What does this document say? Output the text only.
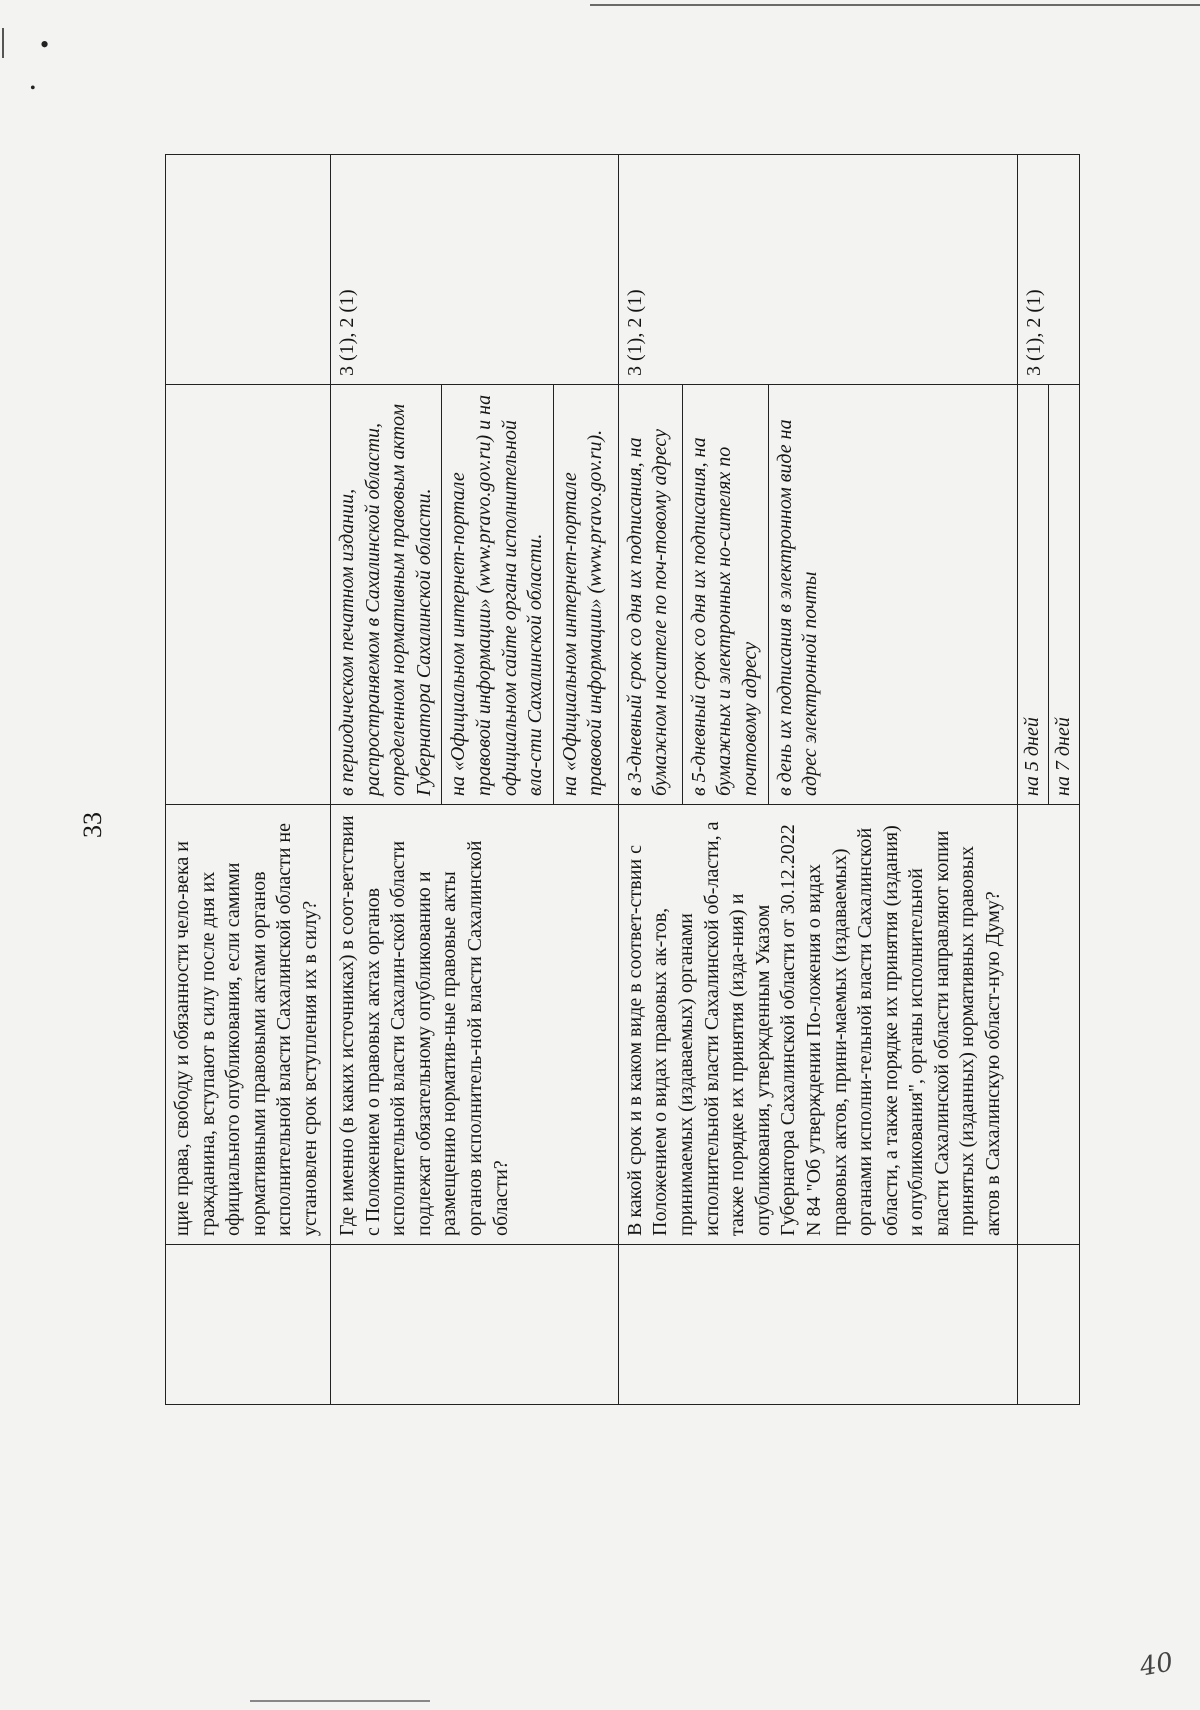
•
•
33
	щие права, свободу и обязанности чело-века и гражданина, вступают в силу после дня их официального опубликования, если самими нормативными правовыми актами органов исполнительной власти Сахалинской области не установлен срок вступления их в силу?		
	Где именно (в каких источниках) в соот-ветствии с Положением о правовых актах органов исполнительной власти Сахалин-ской области подлежат обязательному опубликованию и размещению норматив-ные правовые акты органов исполнитель-ной власти Сахалинской области?	в периодическом печатном издании, распространяемом в Сахалинской области, определенном нормативным правовым актом Губернатора Сахалинской области.	3 (1), 2 (1)
		на «Официальном интернет-портале правовой информации» (www.pravo.gov.ru) и на официальном сайте органа исполнительной вла-сти Сахалинской области.	
		на «Официальном интернет-портале правовой информации» (www.pravo.gov.ru).	
	В какой срок и в каком виде в соответ-ствии с Положением о видах правовых ак-тов, принимаемых (издаваемых) органами исполнительной власти Сахалинской об-ласти, а также порядке их принятия (изда-ния) и опубликования, утвержденным Указом Губернатора Сахалинской области от 30.12.2022 N 84 "Об утверждении По-ложения о видах правовых актов, прини-маемых (издаваемых) органами исполни-тельной власти Сахалинской области, а также порядке их принятия (издания) и опубликования", органы исполнительной власти Сахалинской области направляют копии принятых (изданных) нормативных правовых актов в Сахалинскую област-ную Думу?	в 3-дневный срок со дня их подписания, на бумажном носителе по поч-товому адресу	3 (1), 2 (1)
		в 5-дневный срок со дня их подписания, на бумажных и электронных но-сителях по почтовому адресу	
		в день их подписания в электронном виде на адрес электронной почты	
		на 5 дней	3 (1), 2 (1)
		на 7 дней	
40
